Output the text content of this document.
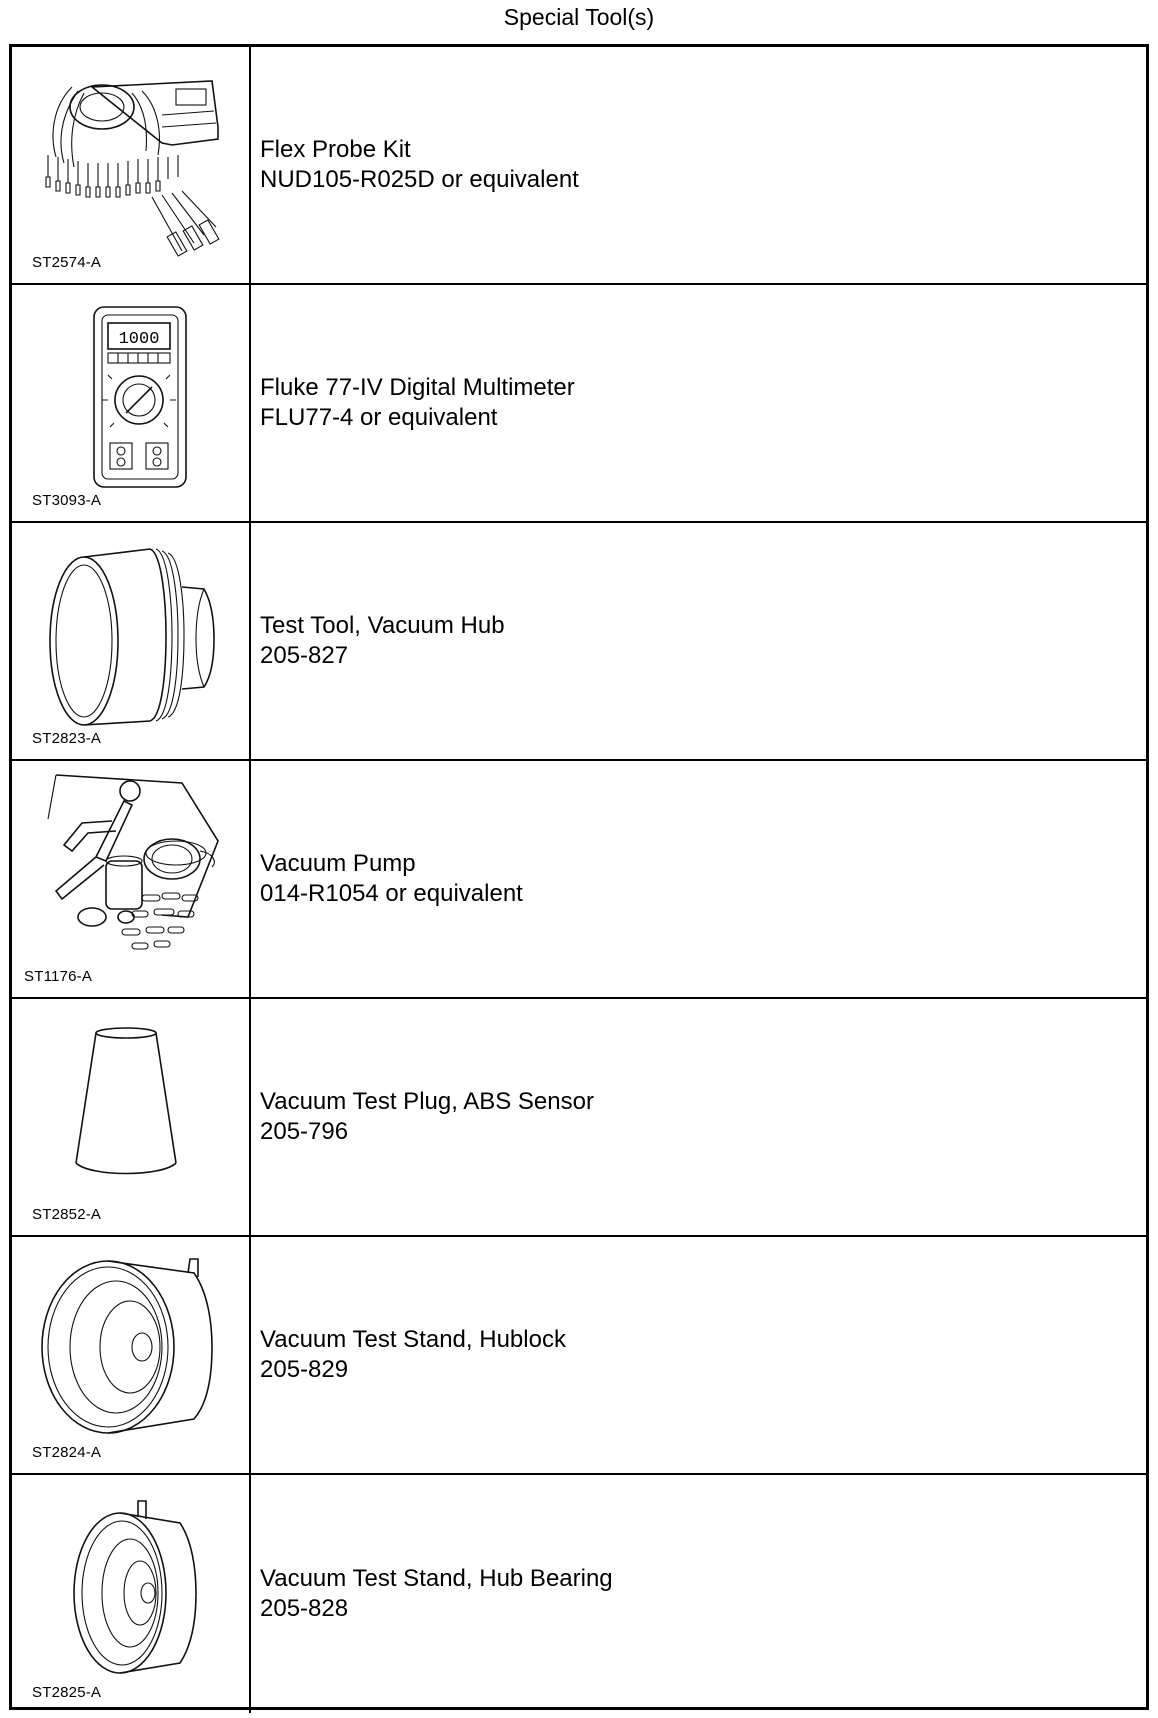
Special Tool(s)
ST2574-A
Flex Probe Kit
NUD105-R025D or equivalent
1000
ST3093-A
Fluke 77-IV Digital Multimeter
FLU77-4 or equivalent
ST2823-A
Test Tool, Vacuum Hub
205-827
ST1176-A
Vacuum Pump
014-R1054 or equivalent
ST2852-A
Vacuum Test Plug, ABS Sensor
205-796
ST2824-A
Vacuum Test Stand, Hublock
205-829
ST2825-A
Vacuum Test Stand, Hub Bearing
205-828
